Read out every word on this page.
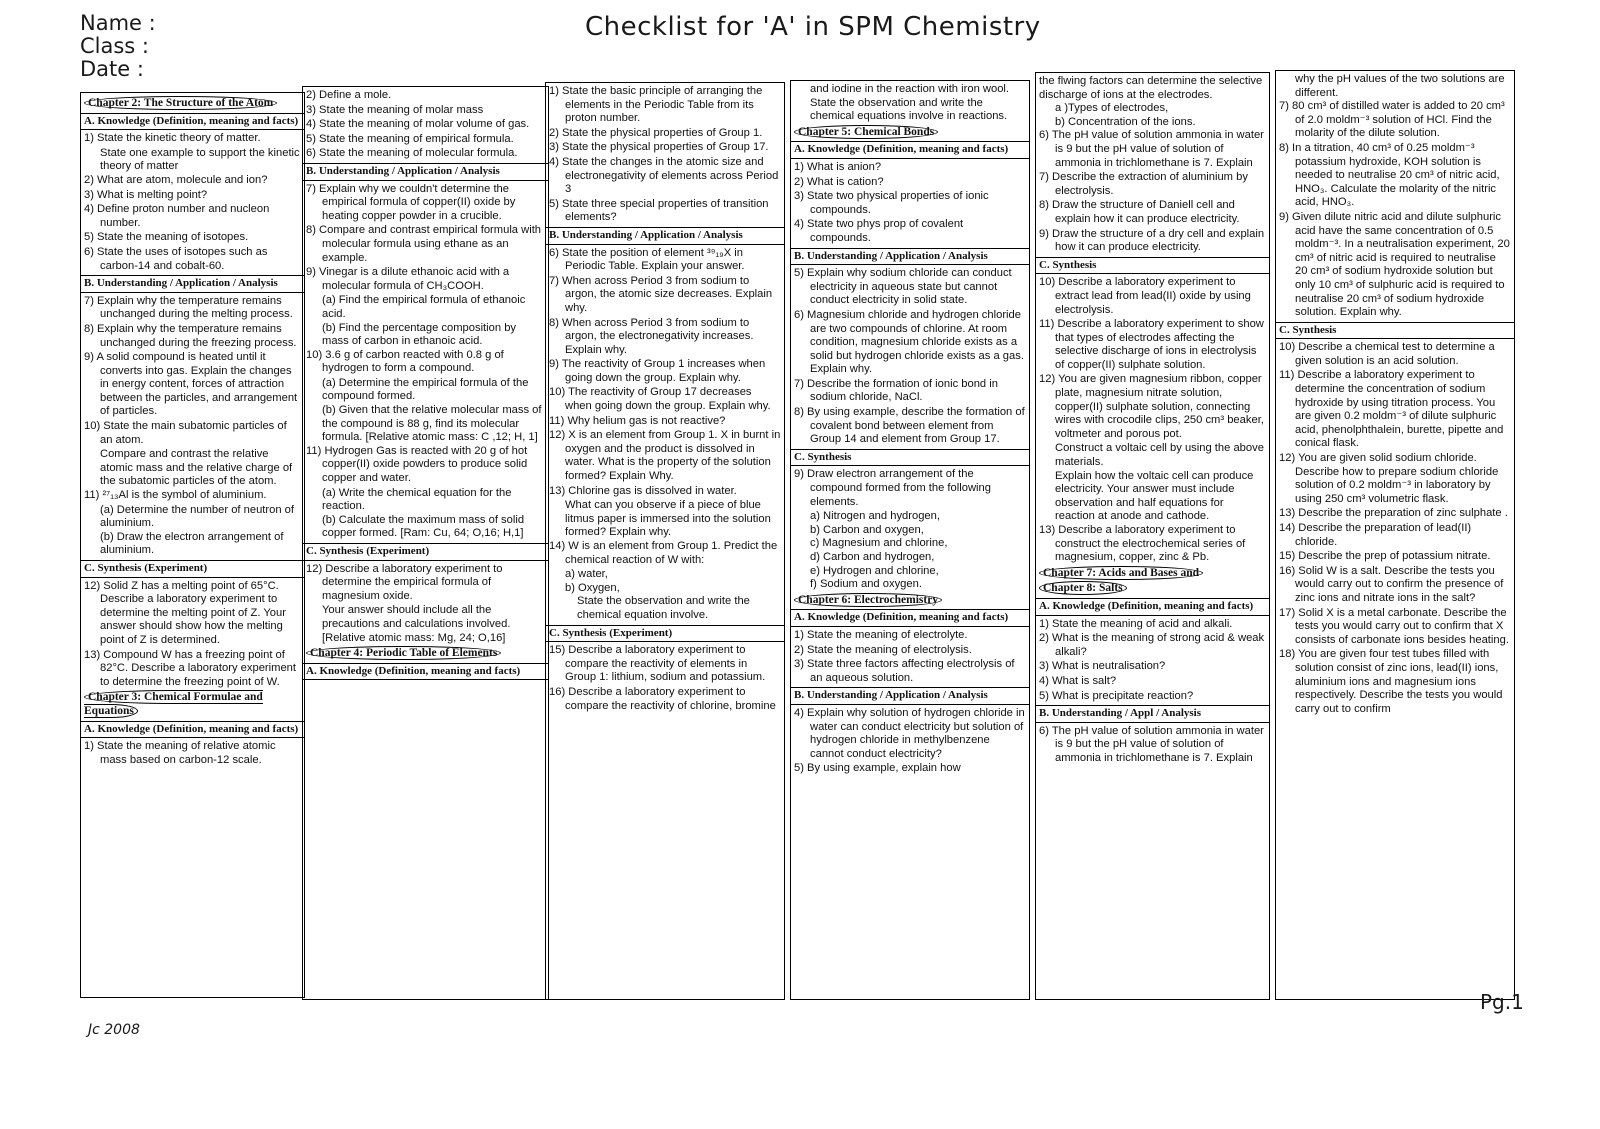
Name :
Class :
Date :
Checklist for 'A' in SPM Chemistry

Chapter 2: The Structure of the Atom

A. Knowledge (Definition, meaning and facts)

1) State the kinetic theory of matter.

State one example to support the kinetic theory of matter

2) What are atom, molecule and ion?

3) What is melting point?

4) Define proton number and nucleon number.

5) State the meaning of isotopes.

6) State the uses of isotopes such as carbon-14 and cobalt-60.

B. Understanding / Application / Analysis

7) Explain why the temperature remains unchanged during the melting process.

8) Explain why the temperature remains unchanged during the freezing process.

9) A solid compound is heated until it converts into gas. Explain the changes in energy content, forces of attraction between the particles, and arrangement of particles.

10) State the main subatomic particles of an atom.

Compare and contrast the relative atomic mass and the relative charge of the subatomic particles of the atom.

11) ²⁷₁₃Al is the symbol of aluminium.

(a) Determine the number of neutron of aluminium.

(b) Draw the electron arrangement of aluminium.

C. Synthesis (Experiment)

12) Solid Z has a melting point of 65°C. Describe a laboratory experiment to determine the melting point of Z. Your answer should show how the melting point of Z is determined.

13) Compound W has a freezing point of 82°C. Describe a laboratory experiment to determine the freezing point of W.

Chapter 3: Chemical Formulae and Equations

A. Knowledge (Definition, meaning and facts)

1) State the meaning of relative atomic mass based on carbon-12 scale.

2) Define a mole.

3) State the meaning of molar mass

4) State the meaning of molar volume of gas.

5) State the meaning of empirical formula.

6) State the meaning of molecular formula.

B. Understanding / Application / Analysis

7) Explain why we couldn't determine the empirical formula of copper(II) oxide by heating copper powder in a crucible.

8) Compare and contrast empirical formula with molecular formula using ethane as an example.

9) Vinegar is a dilute ethanoic acid with a molecular formula of CH₃COOH.

(a) Find the empirical formula of ethanoic acid.

(b) Find the percentage composition by mass of carbon in ethanoic acid.

10) 3.6 g of carbon reacted with 0.8 g of hydrogen to form a compound.

(a) Determine the empirical formula of the compound formed.

(b) Given that the relative molecular mass of the compound is 88 g, find its molecular formula. [Relative atomic mass: C ,12; H, 1]

11) Hydrogen Gas is reacted with 20 g of hot copper(II) oxide powders to produce solid copper and water.

(a) Write the chemical equation for the reaction.

(b) Calculate the maximum mass of solid copper formed. [Ram: Cu, 64; O,16; H,1]

C. Synthesis (Experiment)

12) Describe a laboratory experiment to determine the empirical formula of magnesium oxide.

Your answer should include all the precautions and calculations involved.

[Relative atomic mass: Mg, 24; O,16]

Chapter 4: Periodic Table of Elements

A. Knowledge (Definition, meaning and facts)

1) State the basic principle of arranging the elements in the Periodic Table from its proton number.

2) State the physical properties of Group 1.

3) State the physical properties of Group 17.

4) State the changes in the atomic size and electronegativity of elements across Period 3

5) State three special properties of transition elements?

B. Understanding / Application / Analysis

6) State the position of element ³⁹₁₉X in Periodic Table. Explain your answer.

7) When across Period 3 from sodium to argon, the atomic size decreases. Explain why.

8) When across Period 3 from sodium to argon, the electronegativity increases. Explain why.

9) The reactivity of Group 1 increases when going down the group. Explain why.

10) The reactivity of Group 17 decreases when going down the group. Explain why.

11) Why helium gas is not reactive?

12) X is an element from Group 1. X in burnt in oxygen and the product is dissolved in water. What is the property of the solution formed? Explain Why.

13) Chlorine gas is dissolved in water.

What can you observe if a piece of blue litmus paper is immersed into the solution formed? Explain why.

14) W is an element from Group 1. Predict the chemical reaction of W with:

a) water,

b) Oxygen,

State the observation and write the chemical equation involve.

C. Synthesis (Experiment)

15) Describe a laboratory experiment to compare the reactivity of elements in Group 1: lithium, sodium and potassium.

16) Describe a laboratory experiment to compare the reactivity of chlorine, bromine

and iodine in the reaction with iron wool. State the observation and write the chemical equations involve in reactions.

Chapter 5: Chemical Bonds

A. Knowledge (Definition, meaning and facts)

1) What is anion?

2) What is cation?

3) State two physical properties of ionic compounds.

4) State two phys prop of covalent compounds.

B. Understanding / Application / Analysis

5) Explain why sodium chloride can conduct electricity in aqueous state but cannot conduct electricity in solid state.

6) Magnesium chloride and hydrogen chloride are two compounds of chlorine. At room condition, magnesium chloride exists as a solid but hydrogen chloride exists as a gas. Explain why.

7) Describe the formation of ionic bond in sodium chloride, NaCl.

8) By using example, describe the formation of covalent bond between element from Group 14 and element from Group 17.

C. Synthesis

9) Draw electron arrangement of the compound formed from the following elements.

a) Nitrogen and hydrogen,

b) Carbon and oxygen,

c) Magnesium and chlorine,

d) Carbon and hydrogen,

e) Hydrogen and chlorine,

f) Sodium and oxygen.

Chapter 6: Electrochemistry

A. Knowledge (Definition, meaning and facts)

1) State the meaning of electrolyte.

2) State the meaning of electrolysis.

3) State three factors affecting electrolysis of an aqueous solution.

B. Understanding / Application / Analysis

4) Explain why solution of hydrogen chloride in water can conduct electricity but solution of hydrogen chloride in methylbenzene cannot conduct electricity?

5) By using example, explain how

the flwing factors can determine the selective discharge of ions at the electrodes.

a )Types of electrodes,

b) Concentration of the ions.

6) The pH value of solution ammonia in water is 9 but the pH value of solution of ammonia in trichlomethane is 7. Explain

7) Describe the extraction of aluminium by electrolysis.

8) Draw the structure of Daniell cell and explain how it can produce electricity.

9) Draw the structure of a dry cell and explain how it can produce electricity.

C. Synthesis

10) Describe a laboratory experiment to extract lead from lead(II) oxide by using electrolysis.

11) Describe a laboratory experiment to show that types of electrodes affecting the selective discharge of ions in electrolysis of copper(II) sulphate solution.

12) You are given magnesium ribbon, copper plate, magnesium nitrate solution, copper(II) sulphate solution, connecting wires with crocodile clips, 250 cm³ beaker, voltmeter and porous pot.

Construct a voltaic cell by using the above materials.

Explain how the voltaic cell can produce electricity. Your answer must include observation and half equations for reaction at anode and cathode.

13) Describe a laboratory experiment to construct the electrochemical series of magnesium, copper, zinc & Pb.

Chapter 7: Acids and Bases and

Chapter 8: Salts

A. Knowledge (Definition, meaning and facts)

1) State the meaning of acid and alkali.

2) What is the meaning of strong acid & weak alkali?

3) What is neutralisation?

4) What is salt?

5) What is precipitate reaction?

B. Understanding / Appl / Analysis

6) The pH value of solution ammonia in water is 9 but the pH value of solution of ammonia in trichlomethane is 7. Explain

why the pH values of the two solutions are different.

7) 80 cm³ of distilled water is added to 20 cm³ of 2.0 moldm⁻³ solution of HCl. Find the molarity of the dilute solution.

8) In a titration, 40 cm³ of 0.25 moldm⁻³ potassium hydroxide, KOH solution is needed to neutralise 20 cm³ of nitric acid, HNO₃. Calculate the molarity of the nitric acid, HNO₃.

9) Given dilute nitric acid and dilute sulphuric acid have the same concentration of 0.5 moldm⁻³. In a neutralisation experiment, 20 cm³ of nitric acid is required to neutralise 20 cm³ of sodium hydroxide solution but only 10 cm³ of sulphuric acid is required to neutralise 20 cm³ of sodium hydroxide solution. Explain why.

C. Synthesis

10) Describe a chemical test to determine a given solution is an acid solution.

11) Describe a laboratory experiment to determine the concentration of sodium hydroxide by using titration process. You are given 0.2 moldm⁻³ of dilute sulphuric acid, phenolphthalein, burette, pipette and conical flask.

12) You are given solid sodium chloride. Describe how to prepare sodium chloride solution of 0.2 moldm⁻³ in laboratory by using 250 cm³ volumetric flask.

13) Describe the preparation of zinc sulphate .

14) Describe the preparation of lead(II) chloride.

15) Describe the prep of potassium nitrate.

16) Solid W is a salt. Describe the tests you would carry out to confirm the presence of zinc ions and nitrate ions in the salt?

17) Solid X is a metal carbonate. Describe the tests you would carry out to confirm that X consists of carbonate ions besides heating.

18) You are given four test tubes filled with solution consist of zinc ions, lead(II) ions, aluminium ions and magnesium ions respectively. Describe the tests you would carry out to confirm

Jc 2008
Pg.1
